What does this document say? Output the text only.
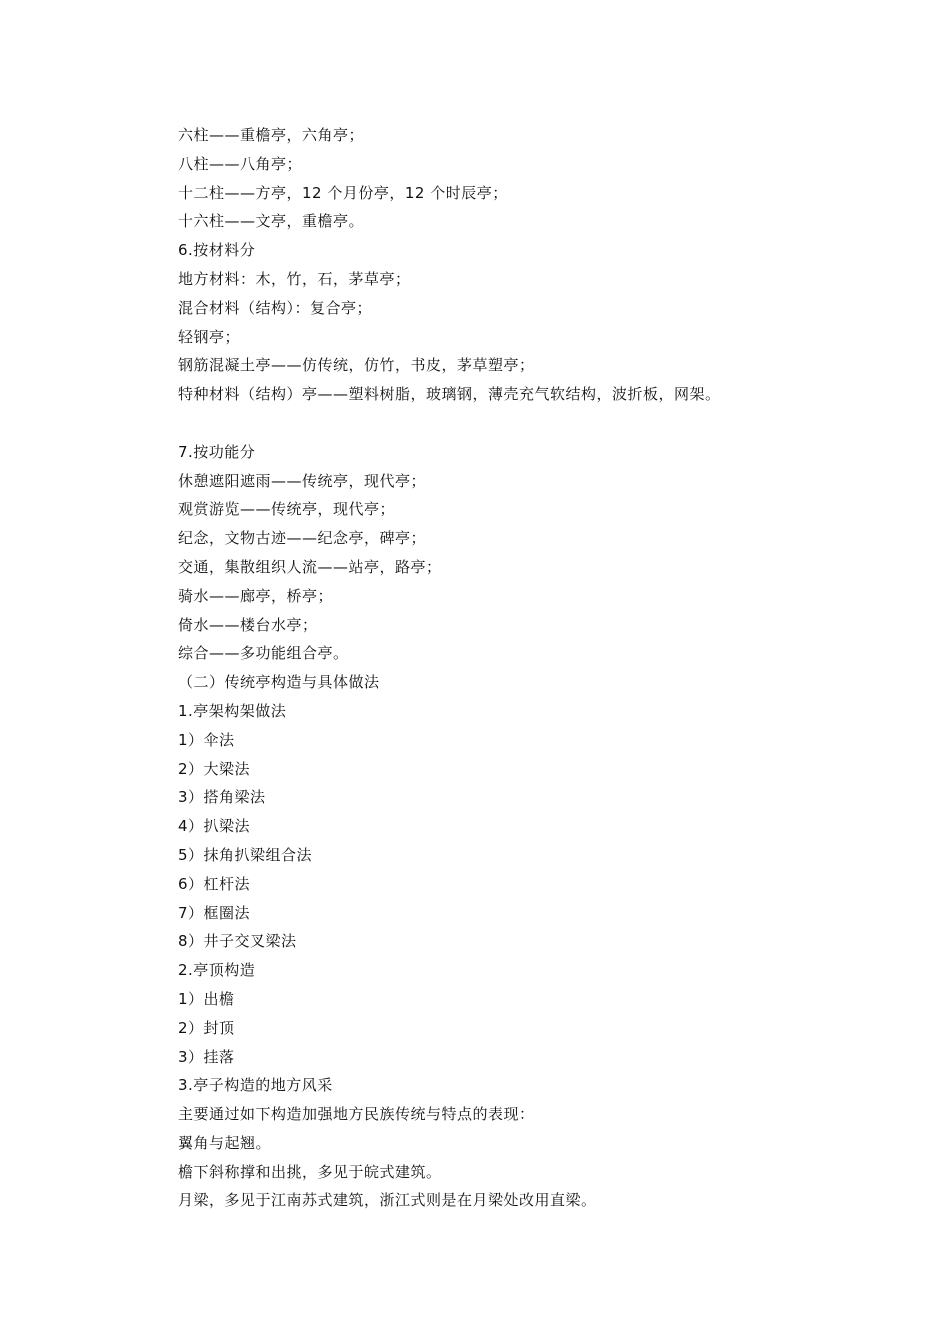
六柱——重檐亭，六角亭；
八柱——八角亭；
十二柱——方亭，12 个月份亭，12 个时辰亭；
十六柱——文亭，重檐亭。
6.按材料分
地方材料：木，竹，石，茅草亭；
混合材料（结构）：复合亭；
轻钢亭；
钢筋混凝土亭——仿传统，仿竹，书皮，茅草塑亭；
特种材料（结构）亭——塑料树脂，玻璃钢，薄壳充气软结构，波折板，网架。
7.按功能分
休憩遮阳遮雨——传统亭，现代亭；
观赏游览——传统亭，现代亭；
纪念，文物古迹——纪念亭，碑亭；
交通，集散组织人流——站亭，路亭；
骑水——廊亭，桥亭；
倚水——楼台水亭；
综合——多功能组合亭。
（二）传统亭构造与具体做法
1.亭架构架做法
1）伞法
2）大梁法
3）搭角梁法
4）扒梁法
5）抹角扒梁组合法
6）杠杆法
7）框圈法
8）井子交叉梁法
2.亭顶构造
1）出檐
2）封顶
3）挂落
3.亭子构造的地方风采
主要通过如下构造加强地方民族传统与特点的表现：
翼角与起翘。
檐下斜称撑和出挑，多见于皖式建筑。
月梁，多见于江南苏式建筑，浙江式则是在月梁处改用直梁。
